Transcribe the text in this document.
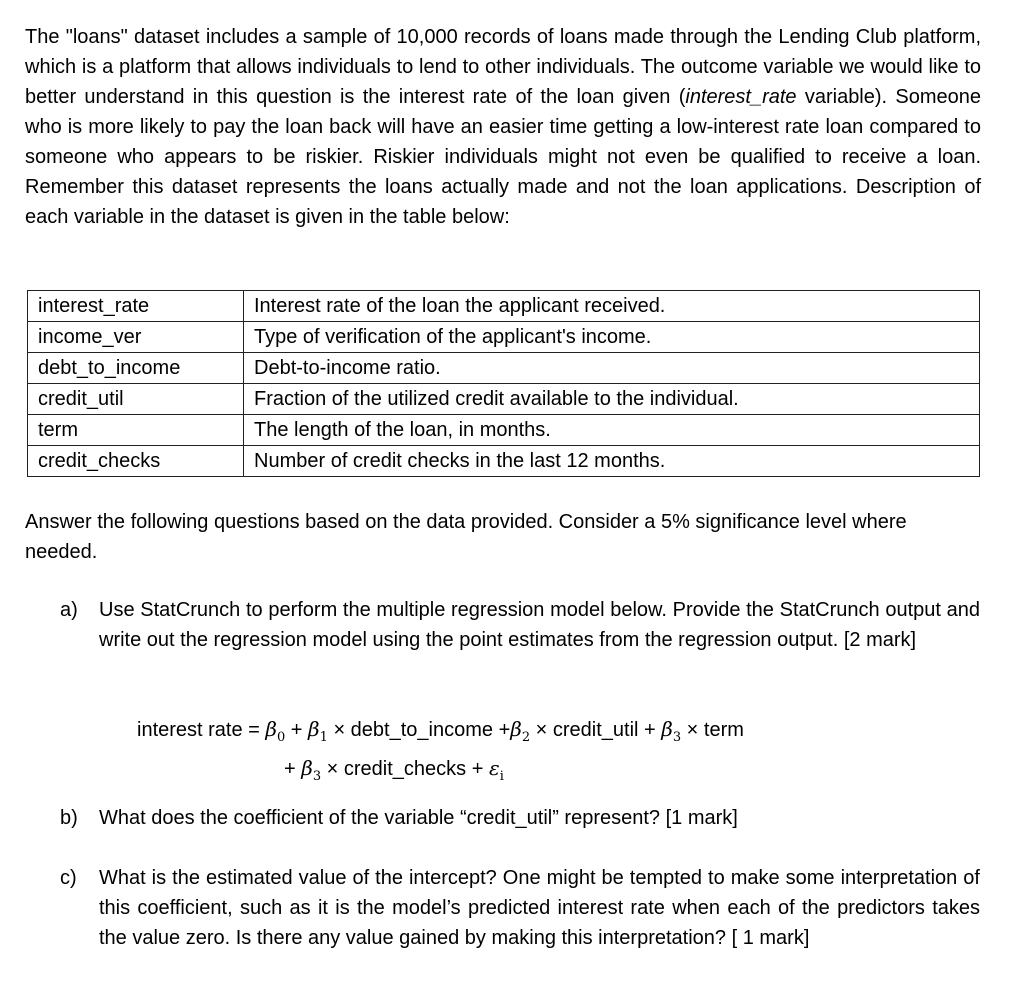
The "loans" dataset includes a sample of 10,000 records of loans made through the Lending Club platform, which is a platform that allows individuals to lend to other individuals. The outcome variable we would like to better understand in this question is the interest rate of the loan given (interest_rate variable). Someone who is more likely to pay the loan back will have an easier time getting a low-interest rate loan compared to someone who appears to be riskier. Riskier individuals might not even be qualified to receive a loan. Remember this dataset represents the loans actually made and not the loan applications. Description of each variable in the dataset is given in the table below:

interest_rate	Interest rate of the loan the applicant received.
income_ver	Type of verification of the applicant's income.
debt_to_income	Debt-to-income ratio.
credit_util	Fraction of the utilized credit available to the individual.
term	The length of the loan, in months.
credit_checks	Number of credit checks in the last 12 months.

Answer the following questions based on the data provided. Consider a 5% significance level where needed.

a) Use StatCrunch to perform the multiple regression model below. Provide the StatCrunch output and write out the regression model using the point estimates from the regression output. [2 mark]
interest rate = $\beta_0 + \beta_1$ × debt_to_income $+\beta_2$ × credit_util + $\beta_3$ × term
+ $\beta_3$ × credit_checks + $\varepsilon_i$
b) What does the coefficient of the variable “credit_util” represent? [1 mark]
c) What is the estimated value of the intercept? One might be tempted to make some interpretation of this coefficient, such as it is the model’s predicted interest rate when each of the predictors takes the value zero. Is there any value gained by making this interpretation? [ 1 mark]
